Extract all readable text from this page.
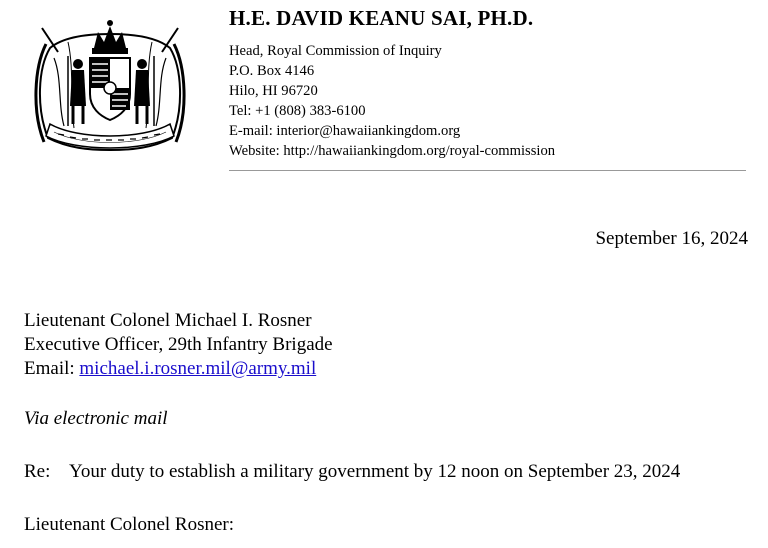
H.E. DAVID KEANU SAI, PH.D.
Head, Royal Commission of Inquiry
P.O. Box 4146
Hilo, HI 96720
Tel: +1 (808) 383-6100
E-mail: interior@hawaiiankingdom.org
Website: http://hawaiiankingdom.org/royal-commission
September 16, 2024
Lieutenant Colonel Michael I. Rosner
Executive Officer, 29th Infantry Brigade
Email: michael.i.rosner.mil@army.mil
Via electronic mail
Re: Your duty to establish a military government by 12 noon on September 23, 2024
Lieutenant Colonel Rosner:
